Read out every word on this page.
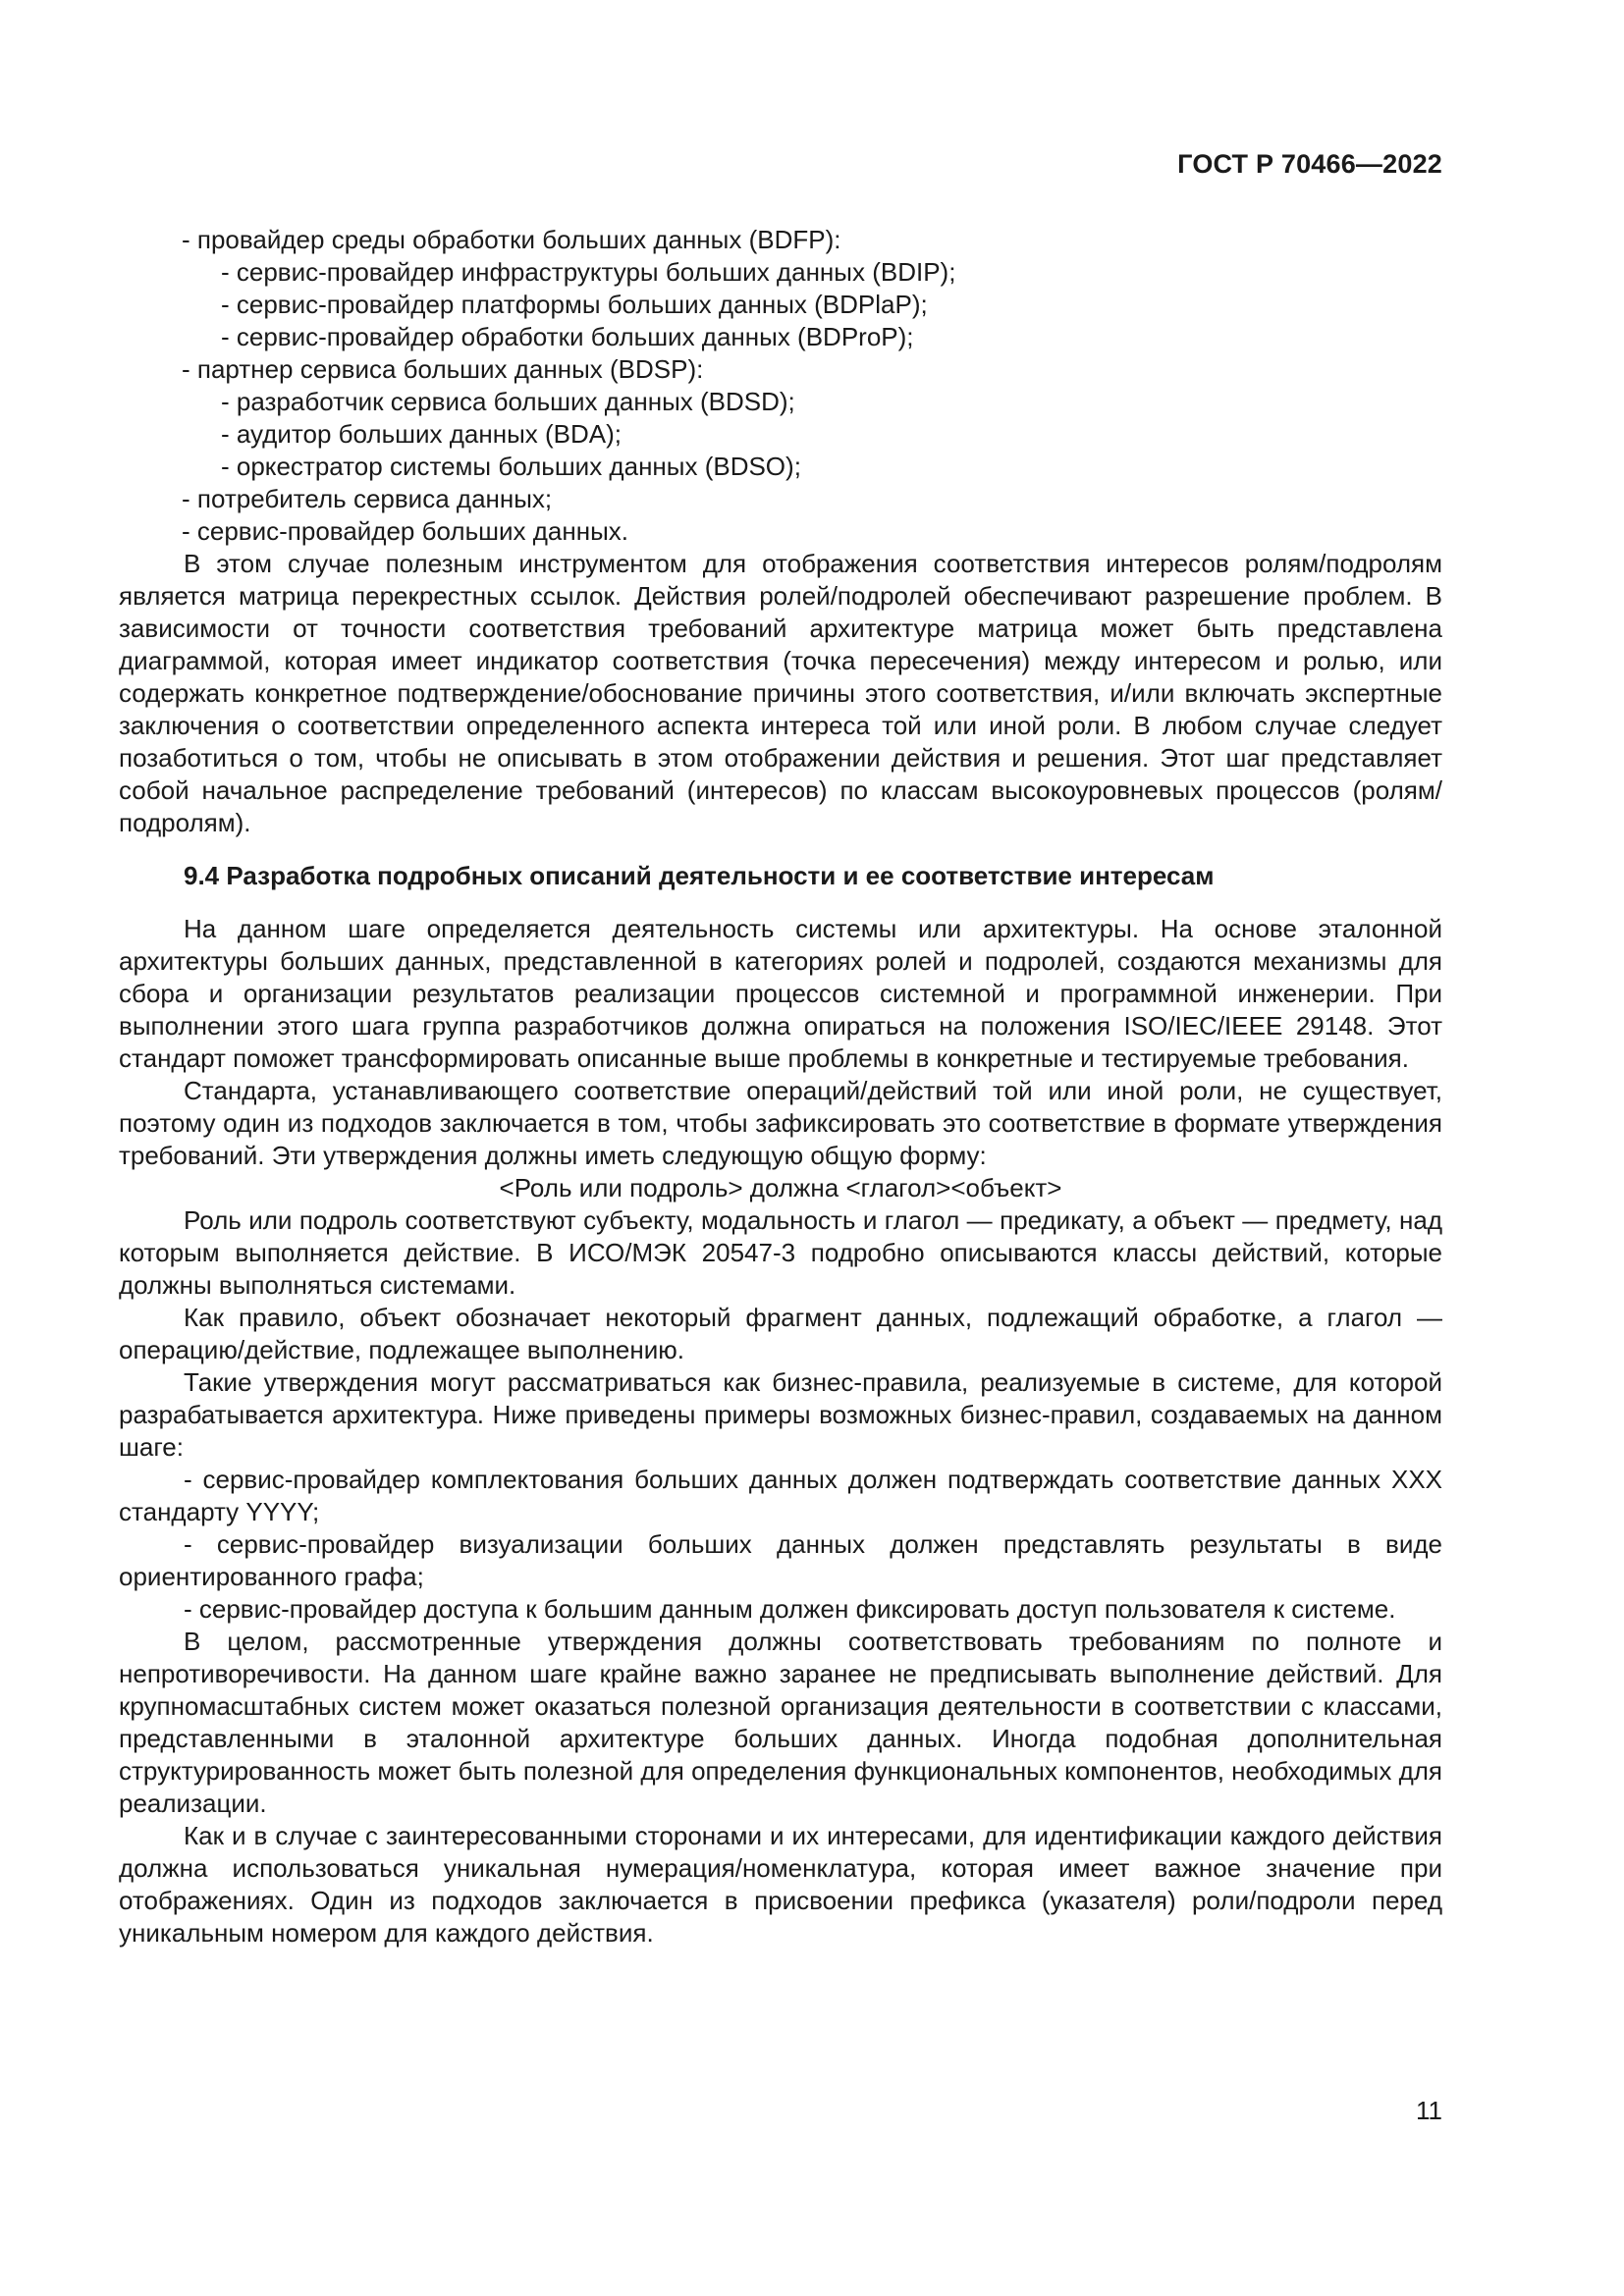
ГОСТ Р 70466—2022
- провайдер среды обработки больших данных (BDFP):
- сервис-провайдер инфраструктуры больших данных (BDIP);
- сервис-провайдер платформы больших данных (BDPlaP);
- сервис-провайдер обработки больших данных (BDProP);
- партнер сервиса больших данных (BDSP):
- разработчик сервиса больших данных (BDSD);
- аудитор больших данных (BDA);
- оркестратор системы больших данных (BDSO);
- потребитель сервиса данных;
- сервис-провайдер больших данных.

В этом случае полезным инструментом для отображения соответствия интересов ролям/подролям является матрица перекрестных ссылок. Действия ролей/подролей обеспечивают разрешение проблем. В зависимости от точности соответствия требований архитектуре матрица может быть представлена диаграммой, которая имеет индикатор соответствия (точка пересечения) между интересом и ролью, или содержать конкретное подтверждение/обоснование причины этого соответствия, и/или включать экспертные заключения о соответствии определенного аспекта интереса той или иной роли. В любом случае следует позаботиться о том, чтобы не описывать в этом отображении действия и решения. Этот шаг представляет собой начальное распределение требований (интересов) по классам высокоуровневых процессов (ролям/подролям).

9.4 Разработка подробных описаний деятельности и ее соответствие интересам

На данном шаге определяется деятельность системы или архитектуры. На основе эталонной архитектуры больших данных, представленной в категориях ролей и подролей, создаются механизмы для сбора и организации результатов реализации процессов системной и программной инженерии. При выполнении этого шага группа разработчиков должна опираться на положения ISO/IEC/IEEE 29148. Этот стандарт поможет трансформировать описанные выше проблемы в конкретные и тестируемые требования.

Стандарта, устанавливающего соответствие операций/действий той или иной роли, не существует, поэтому один из подходов заключается в том, чтобы зафиксировать это соответствие в формате утверждения требований. Эти утверждения должны иметь следующую общую форму:

<Роль или подроль> должна <глагол><объект>

Роль или подроль соответствуют субъекту, модальность и глагол — предикату, а объект — предмету, над которым выполняется действие. В ИСО/МЭК 20547-3 подробно описываются классы действий, которые должны выполняться системами.

Как правило, объект обозначает некоторый фрагмент данных, подлежащий обработке, а глагол — операцию/действие, подлежащее выполнению.

Такие утверждения могут рассматриваться как бизнес-правила, реализуемые в системе, для которой разрабатывается архитектура. Ниже приведены примеры возможных бизнес-правил, создаваемых на данном шаге:

- сервис-провайдер комплектования больших данных должен подтверждать соответствие данных XXX стандарту YYYY;

- сервис-провайдер визуализации больших данных должен представлять результаты в виде ориентированного графа;

- сервис-провайдер доступа к большим данным должен фиксировать доступ пользователя к системе.

В целом, рассмотренные утверждения должны соответствовать требованиям по полноте и непротиворечивости. На данном шаге крайне важно заранее не предписывать выполнение действий. Для крупномасштабных систем может оказаться полезной организация деятельности в соответствии с классами, представленными в эталонной архитектуре больших данных. Иногда подобная дополнительная структурированность может быть полезной для определения функциональных компонентов, необходимых для реализации.

Как и в случае с заинтересованными сторонами и их интересами, для идентификации каждого действия должна использоваться уникальная нумерация/номенклатура, которая имеет важное значение при отображениях. Один из подходов заключается в присвоении префикса (указателя) роли/подроли перед уникальным номером для каждого действия.

11
